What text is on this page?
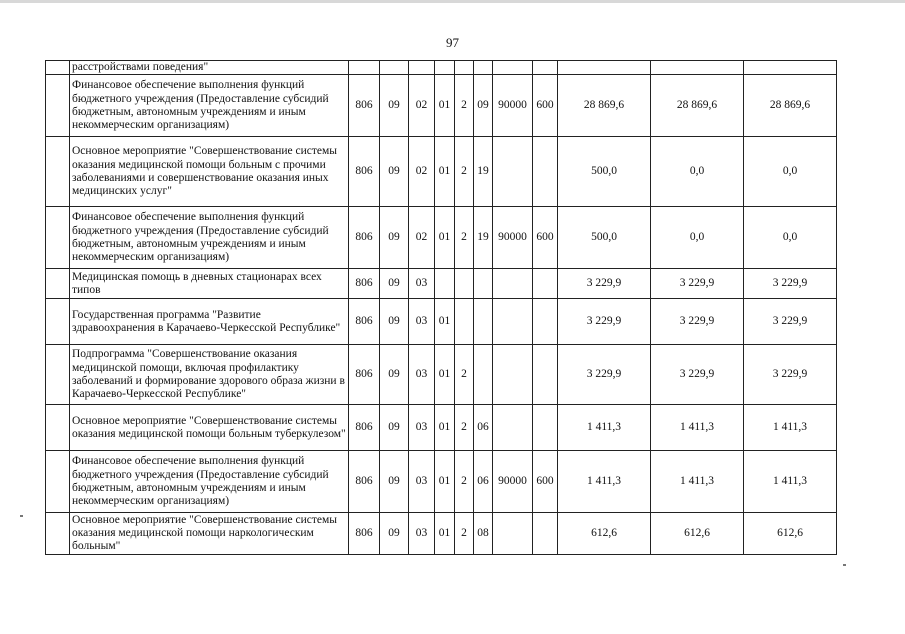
97
	расстройствами поведения"											
	Финансовое обеспечение выполнения функций бюджетного учреждения (Предоставление субсидий бюджетным, автономным учреждениям и иным некоммерческим организациям)	806	09	02	01	2	09	90000	600	28 869,6	28 869,6	28 869,6
	Основное мероприятие "Совершенствование системы оказания медицинской помощи больным с прочими заболеваниями и совершенствование оказания иных медицинских услуг"	806	09	02	01	2	19			500,0	0,0	0,0
	Финансовое обеспечение выполнения функций бюджетного учреждения (Предоставление субсидий бюджетным, автономным учреждениям и иным некоммерческим организациям)	806	09	02	01	2	19	90000	600	500,0	0,0	0,0
	Медицинская помощь в дневных стационарах всех типов	806	09	03						3 229,9	3 229,9	3 229,9
	Государственная программа "Развитие здравоохранения в Карачаево-Черкесской Республике"	806	09	03	01					3 229,9	3 229,9	3 229,9
	Подпрограмма "Совершенствование оказания медицинской помощи, включая профилактику заболеваний и формирование здорового образа жизни в Карачаево-Черкесской Республике"	806	09	03	01	2				3 229,9	3 229,9	3 229,9
	Основное мероприятие "Совершенствование системы оказания медицинской помощи больным туберкулезом"	806	09	03	01	2	06			1 411,3	1 411,3	1 411,3
	Финансовое обеспечение выполнения функций бюджетного учреждения (Предоставление субсидий бюджетным, автономным учреждениям и иным некоммерческим организациям)	806	09	03	01	2	06	90000	600	1 411,3	1 411,3	1 411,3
	Основное мероприятие "Совершенствование системы оказания медицинской помощи наркологическим больным"	806	09	03	01	2	08			612,6	612,6	612,6
